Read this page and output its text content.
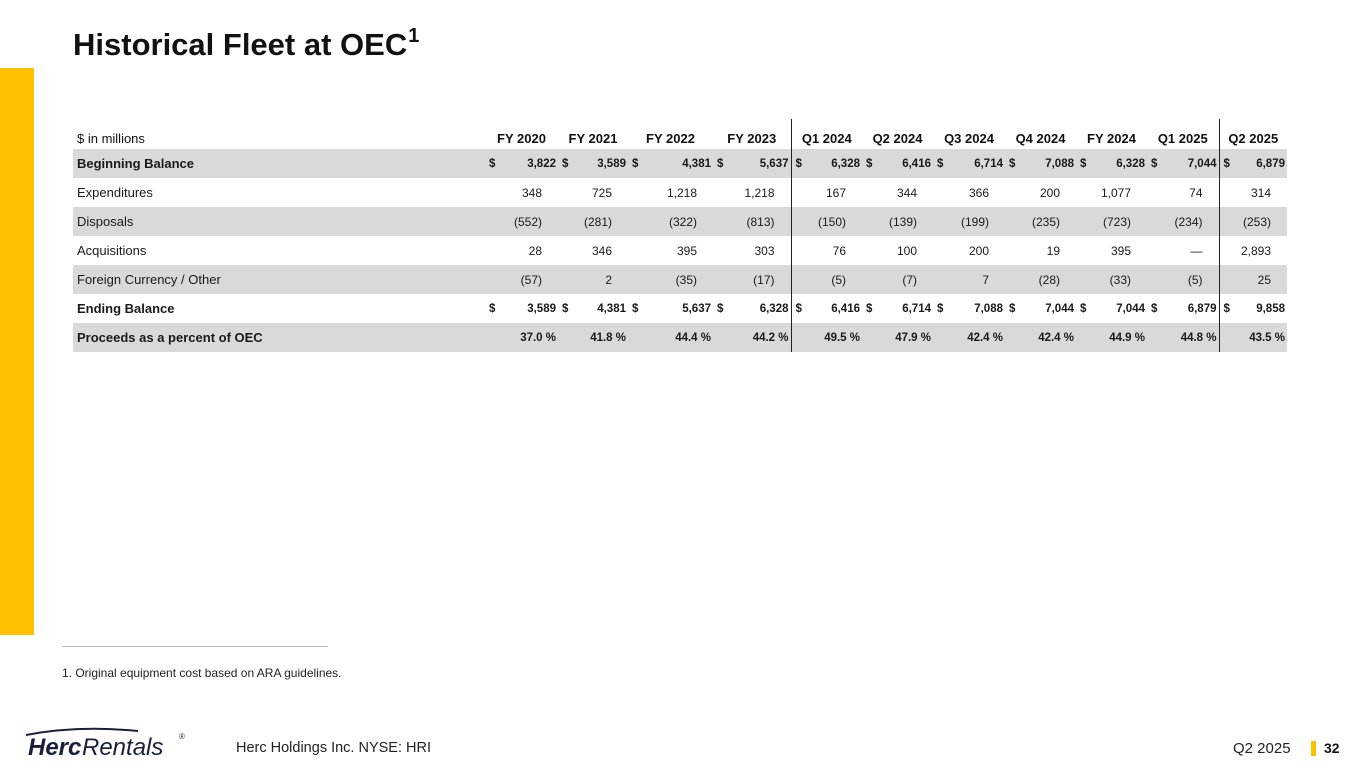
Historical Fleet at OEC$^1$
$ in millions	FY 2020	FY 2021	FY 2022	FY 2023	Q1 2024	Q2 2024	Q3 2024	Q4 2024	FY 2024	Q1 2025	Q2 2025
Beginning Balance	$ 3,822	$ 3,589	$ 4,381	$ 5,637	$ 6,328	$ 6,416	$ 6,714	$ 7,088	$ 6,328	$ 7,044	$ 6,879
Expenditures	348	725	1,218	1,218	167	344	366	200	1,077	74	314
Disposals	(552)	(281)	(322)	(813)	(150)	(139)	(199)	(235)	(723)	(234)	(253)
Acquisitions	28	346	395	303	76	100	200	19	395	—	2,893
Foreign Currency / Other	(57)	2	(35)	(17)	(5)	(7)	7	(28)	(33)	(5)	25
Ending Balance	$ 3,589	$ 4,381	$ 5,637	$ 6,328	$ 6,416	$ 6,714	$ 7,088	$ 7,044	$ 7,044	$ 6,879	$ 9,858
Proceeds as a percent of OEC	37.0 %	41.8 %	44.4 %	44.2 %	49.5 %	47.9 %	42.4 %	42.4 %	44.9 %	44.8 %	43.5 %
1. Original equipment cost based on ARA guidelines.
Herc Rentals ®
Herc Holdings Inc. NYSE: HRI	Q2 2025 32
